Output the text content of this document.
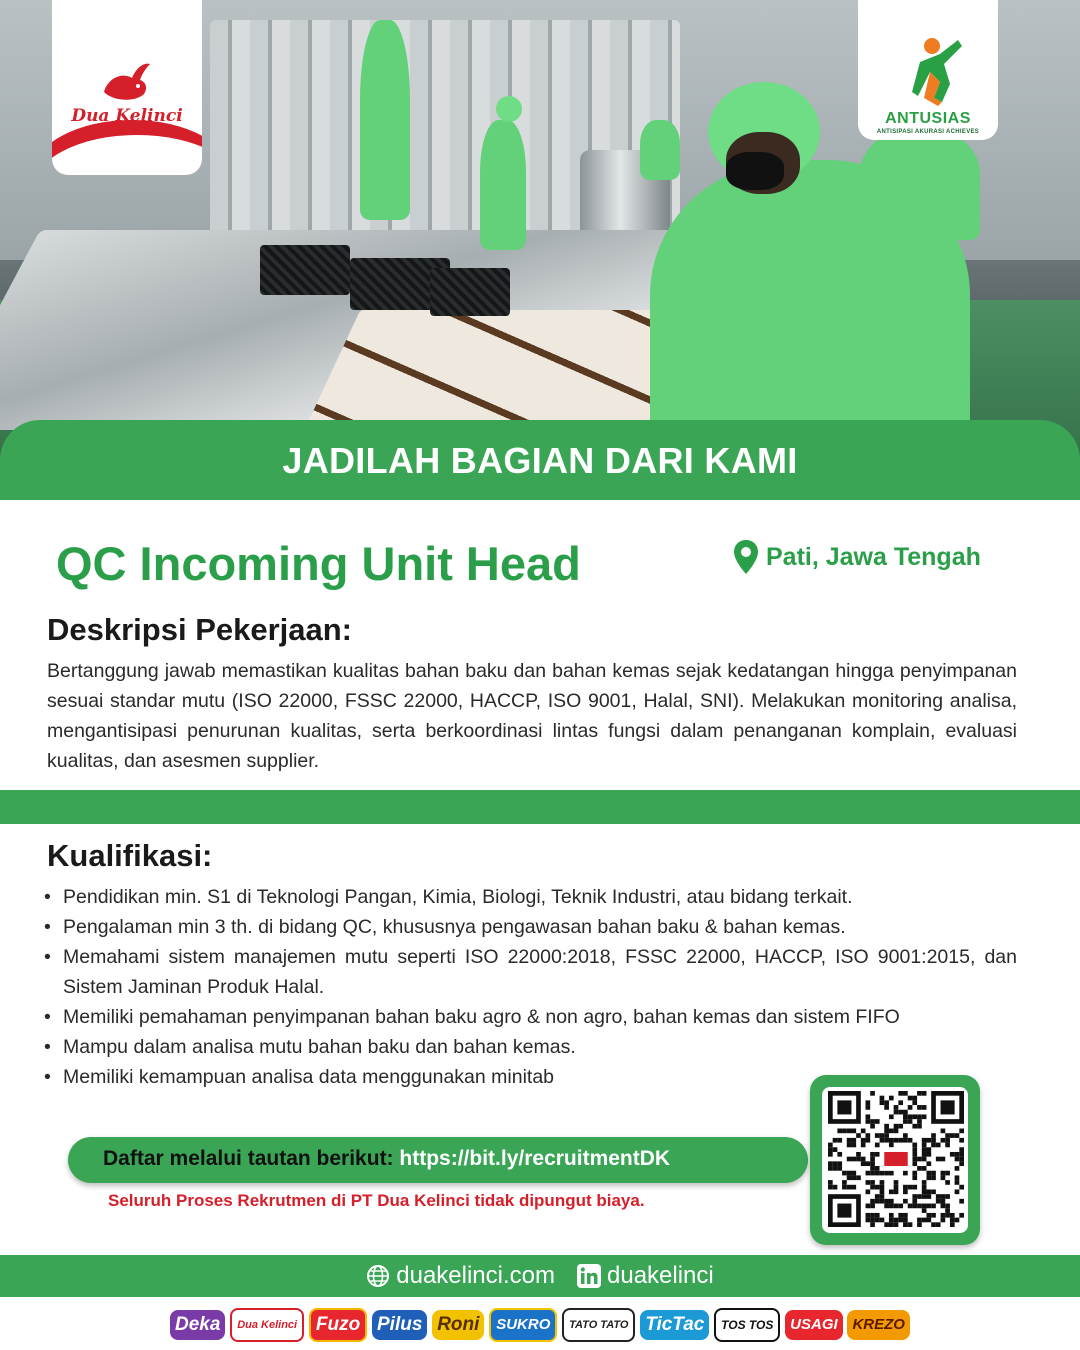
Dua Kelinci	ANTUSIAS
ANTISIPASI AKURASI ACHIEVES
JADILAH BAGIAN DARI KAMI
QC Incoming Unit Head	Pati, Jawa Tengah
Deskripsi Pekerjaan:
Bertanggung jawab memastikan kualitas bahan baku dan bahan kemas sejak kedatangan hingga penyimpanan sesuai standar mutu (ISO 22000, FSSC 22000, HACCP, ISO 9001, Halal, SNI). Melakukan monitoring analisa, mengantisipasi penurunan kualitas, serta berkoordinasi lintas fungsi dalam penanganan komplain, evaluasi kualitas, dan asesmen supplier.
Kualifikasi:
• Pendidikan min. S1 di Teknologi Pangan, Kimia, Biologi, Teknik Industri, atau bidang terkait.
• Pengalaman min 3 th. di bidang QC, khususnya pengawasan bahan baku & bahan kemas.
• Memahami sistem manajemen mutu seperti ISO 22000:2018, FSSC 22000, HACCP, ISO 9001:2015, dan Sistem Jaminan Produk Halal.
• Memiliki pemahaman penyimpanan bahan baku agro & non agro, bahan kemas dan sistem FIFO
• Mampu dalam analisa mutu bahan baku dan bahan kemas.
• Memiliki kemampuan analisa data menggunakan minitab
Daftar melalui tautan berikut: https://bit.ly/recruitmentDK
Seluruh Proses Rekrutmen di PT Dua Kelinci tidak dipungut biaya.
duakelinci.com duakelinci
Deka	Dua Kelinci Fuzo Pilus Roni	SUKRO	TATO TATO TicTac	TOS TOS	USAGI KREZO
